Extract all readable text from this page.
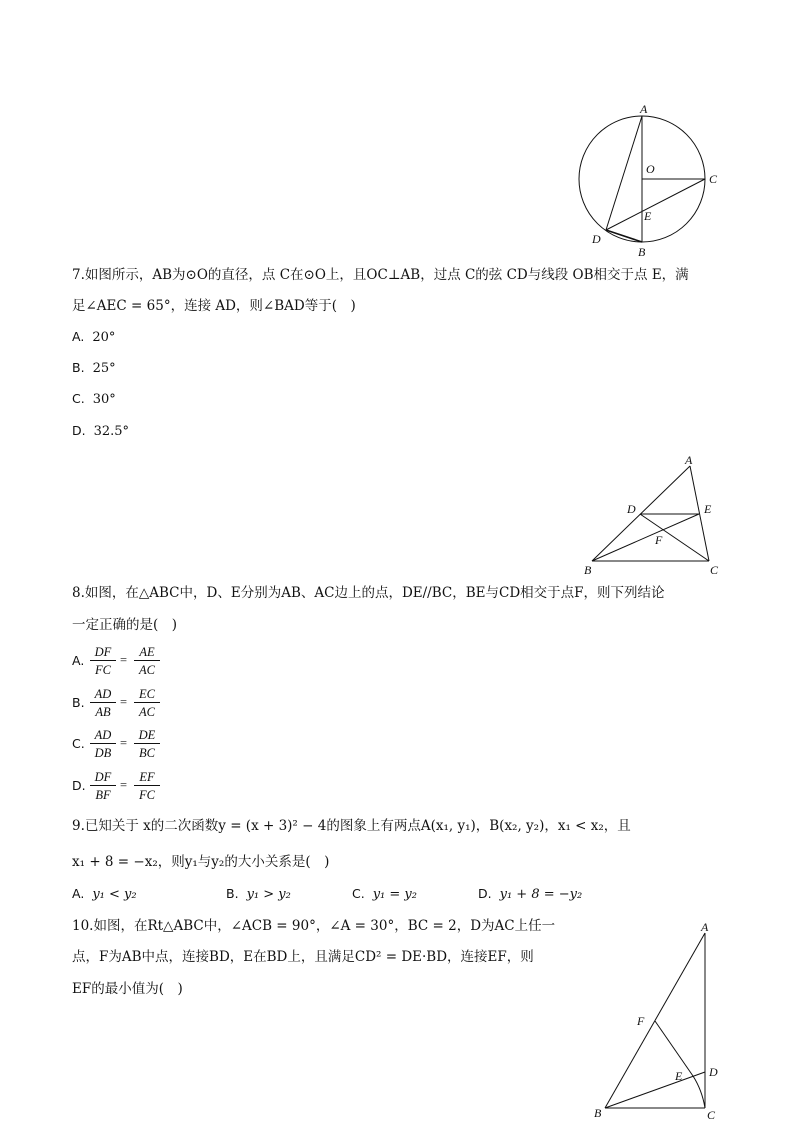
A
O
C
E
D
B
7.如图所示，AB为⊙O的直径，点 C在⊙O上，且OC⊥AB，过点 C的弦 CD与线段 OB相交于点 E，满
足∠AEC = 65°，连接 AD，则∠BAD等于(　)
A. 20°
B. 25°
C. 30°
D. 32.5°
A
D	E
F
B	C
8.如图，在△ABC中，D、E分别为AB、AC边上的点，DE//BC，BE与CD相交于点F，则下列结论
一定正确的是(　)
A.
DF
FC
=
AE
AC
B.
AD
AB
=
EC
AC
C.
AD
DB
=
DE
BC
D.
DF
BF
=
EF
FC
9.已知关于 x的二次函数y = (x + 3)² − 4的图象上有两点A(x₁, y₁)，B(x₂, y₂)，x₁ < x₂，且
x₁ + 8 = −x₂，则y₁与y₂的大小关系是(　)
A. y₁ < y₂	B. y₁ > y₂	C. y₁ = y₂	D. y₁ + 8 = −y₂
10.如图，在Rt△ABC中，∠ACB = 90°，∠A = 30°，BC = 2，D为AC上任一
点，F为AB中点，连接BD，E在BD上，且满足CD² = DE·BD，连接EF，则
EF的最小值为(　)
A
F
E D
B	C
